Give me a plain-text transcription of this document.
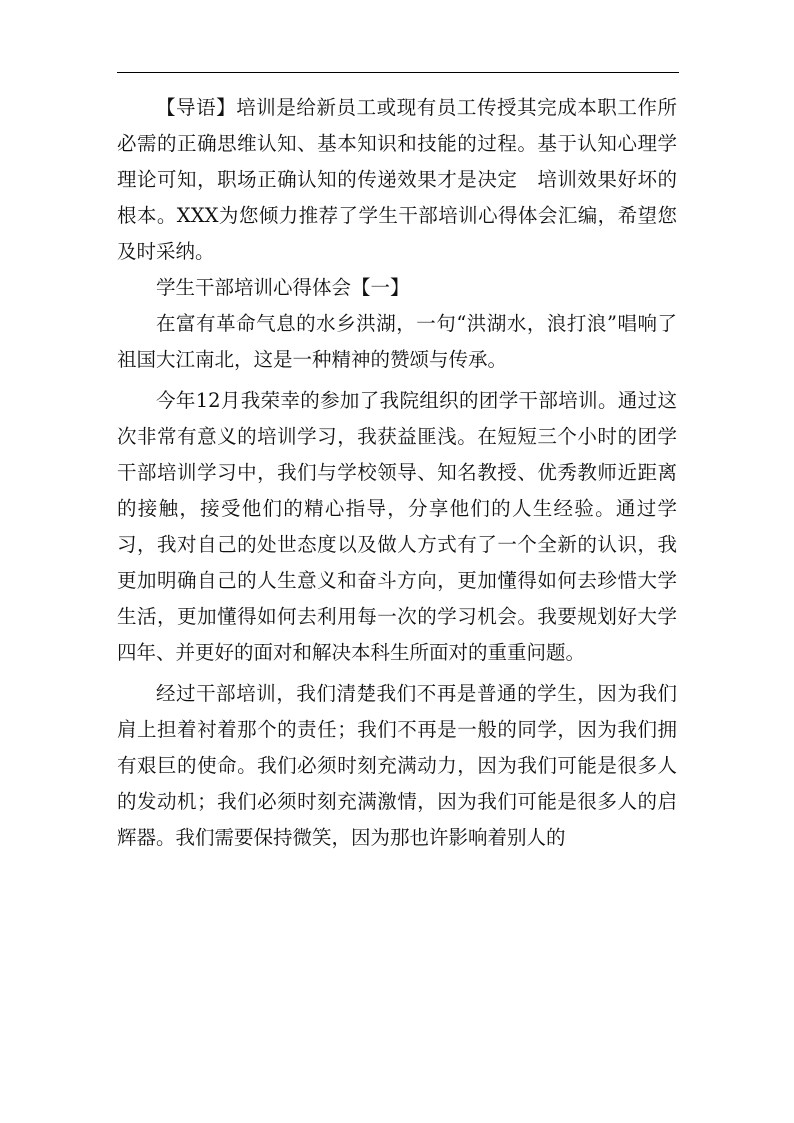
【导语】培训是给新员工或现有员工传授其完成本职工作所必需的正确思维认知、基本知识和技能的过程。基于认知心理学理论可知，职场正确认知的传递效果才是决定　培训效果好坏的根本。XXX为您倾力推荐了学生干部培训心得体会汇编，希望您及时采纳。

学生干部培训心得体会【一】

在富有革命气息的水乡洪湖，一句“洪湖水，浪打浪”唱响了祖国大江南北，这是一种精神的赞颂与传承。

今年12月我荣幸的参加了我院组织的团学干部培训。通过这次非常有意义的培训学习，我获益匪浅。在短短三个小时的团学干部培训学习中，我们与学校领导、知名教授、优秀教师近距离的接触，接受他们的精心指导，分享他们的人生经验。通过学习，我对自己的处世态度以及做人方式有了一个全新的认识，我更加明确自己的人生意义和奋斗方向，更加懂得如何去珍惜大学生活，更加懂得如何去利用每一次的学习机会。我要规划好大学四年、并更好的面对和解决本科生所面对的重重问题。

经过干部培训，我们清楚我们不再是普通的学生，因为我们肩上担着衬着那个的责任；我们不再是一般的同学，因为我们拥有艰巨的使命。我们必须时刻充满动力，因为我们可能是很多人的发动机；我们必须时刻充满激情，因为我们可能是很多人的启辉器。我们需要保持微笑，因为那也许影响着别人的
